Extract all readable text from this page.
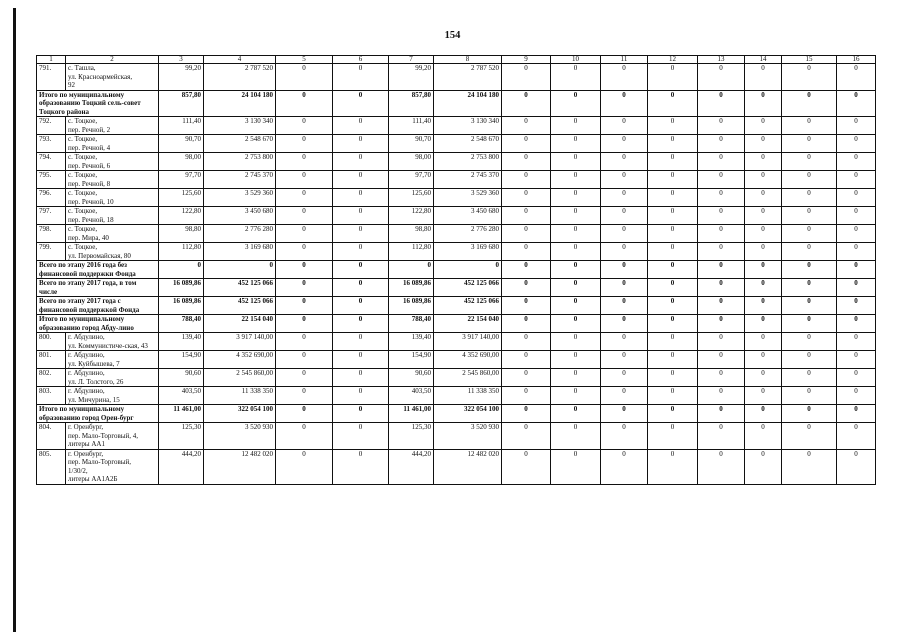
154
1	2	3	4	5	6	7	8	9	10	11	12	13	14	15	16
791.	с. Ташла,
ул. Красноармейская,
92	99,20	2 787 520	0	0	99,20	2 787 520	0	0	0	0	0	0	0	0
Итого по муниципальному образованию Тоцкий сель-совет Тоцкого района		857,80	24 104 180	0	0	857,80	24 104 180	0	0	0	0	0	0	0	0
792.	с. Тоцкое,
пер. Речной, 2	111,40	3 130 340	0	0	111,40	3 130 340	0	0	0	0	0	0	0	0
793.	с. Тоцкое,
пер. Речной, 4	90,70	2 548 670	0	0	90,70	2 548 670	0	0	0	0	0	0	0	0
794.	с. Тоцкое,
пер. Речной, 6	98,00	2 753 800	0	0	98,00	2 753 800	0	0	0	0	0	0	0	0
795.	с. Тоцкое,
пер. Речной, 8	97,70	2 745 370	0	0	97,70	2 745 370	0	0	0	0	0	0	0	0
796.	с. Тоцкое,
пер. Речной, 10	125,60	3 529 360	0	0	125,60	3 529 360	0	0	0	0	0	0	0	0
797.	с. Тоцкое,
пер. Речной, 18	122,80	3 450 680	0	0	122,80	3 450 680	0	0	0	0	0	0	0	0
798.	с. Тоцкое,
пер. Мира, 40	98,80	2 776 280	0	0	98,80	2 776 280	0	0	0	0	0	0	0	0
799.	с. Тоцкое,
ул. Первомайская, 80	112,80	3 169 680	0	0	112,80	3 169 680	0	0	0	0	0	0	0	0
Всего по этапу 2016 года без финансовой поддержки Фонда		0	0	0	0	0	0	0	0	0	0	0	0	0	0
Всего по этапу 2017 года, в том числе		16 089,86	452 125 066	0	0	16 089,86	452 125 066	0	0	0	0	0	0	0	0
Всего по этапу 2017 года с финансовой поддержкой Фонда		16 089,86	452 125 066	0	0	16 089,86	452 125 066	0	0	0	0	0	0	0	0
Итого по муниципальному образованию город Абду-лино		788,40	22 154 040	0	0	788,40	22 154 040	0	0	0	0	0	0	0	0
800.	г. Абдулино,
ул. Коммунистиче-ская, 43	139,40	3 917 140,00	0	0	139,40	3 917 140,00	0	0	0	0	0	0	0	0
801.	г. Абдулино,
ул. Куйбышева, 7	154,90	4 352 690,00	0	0	154,90	4 352 690,00	0	0	0	0	0	0	0	0
802.	г. Абдулино,
ул. Л. Толстого, 26	90,60	2 545 860,00	0	0	90,60	2 545 860,00	0	0	0	0	0	0	0	0
803.	г. Абдулино,
ул. Мичурина, 15	403,50	11 338 350	0	0	403,50	11 338 350	0	0	0	0	0	0	0	0
Итого по муниципальному образованию город Орен-бург		11 461,00	322 054 100	0	0	11 461,00	322 054 100	0	0	0	0	0	0	0	0
804.	г. Оренбург,
пер. Мало-Торговый, 4,
литеры АА1	125,30	3 520 930	0	0	125,30	3 520 930	0	0	0	0	0	0	0	0
805.	г. Оренбург,
пер. Мало-Торговый,
1/30/2,
литеры АА1А2Б	444,20	12 482 020	0	0	444,20	12 482 020	0	0	0	0	0	0	0	0
